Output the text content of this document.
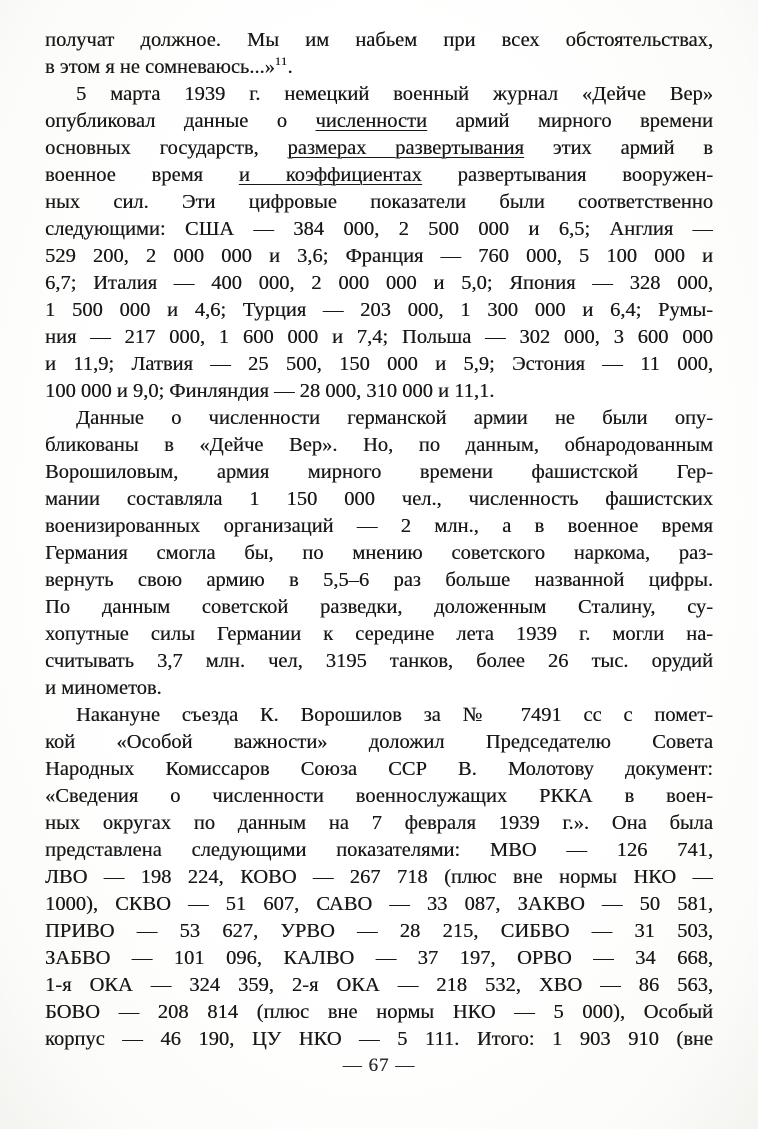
получат должное. Мы им набьем при всех обстоятельствах,
в этом я не сомневаюсь...»$^{11}$.
5 марта 1939 г. немецкий военный журнал «Дейче Вер»
опубликовал данные о численности армий мирного времени
основных государств, размерах развертывания этих армий в
военное время и коэффициентах развертывания вооружен-
ных сил. Эти цифровые показатели были соответственно
следующими: США — 384 000, 2 500 000 и 6,5; Англия —
529 200, 2 000 000 и 3,6; Франция — 760 000, 5 100 000 и
6,7; Италия — 400 000, 2 000 000 и 5,0; Япония — 328 000,
1 500 000 и 4,6; Турция — 203 000, 1 300 000 и 6,4; Румы-
ния — 217 000, 1 600 000 и 7,4; Польша — 302 000, 3 600 000
и 11,9; Латвия — 25 500, 150 000 и 5,9; Эстония — 11 000,
100 000 и 9,0; Финляндия — 28 000, 310 000 и 11,1.
Данные о численности германской армии не были опу-
бликованы в «Дейче Вер». Но, по данным, обнародованным
Ворошиловым, армия мирного времени фашистской Гер-
мании составляла 1 150 000 чел., численность фашистских
военизированных организаций — 2 млн., а в военное время
Германия смогла бы, по мнению советского наркома, раз-
вернуть свою армию в 5,5–6 раз больше названной цифры.
По данным советской разведки, доложенным Сталину, су-
хопутные силы Германии к середине лета 1939 г. могли на-
считывать 3,7 млн. чел, 3195 танков, более 26 тыс. орудий
и минометов.
Накануне съезда К. Ворошилов за № 7491 сс с помет-
кой «Особой важности» доложил Председателю Совета
Народных Комиссаров Союза ССР В. Молотову документ:
«Сведения о численности военнослужащих РККА в воен-
ных округах по данным на 7 февраля 1939 г.». Она была
представлена следующими показателями: МВО — 126 741,
ЛВО — 198 224, КОВО — 267 718 (плюс вне нормы НКО —
1000), СКВО — 51 607, САВО — 33 087, ЗАКВО — 50 581,
ПРИВО — 53 627, УРВО — 28 215, СИБВО — 31 503,
ЗАБВО — 101 096, КАЛВО — 37 197, ОРВО — 34 668,
1-я ОКА — 324 359, 2-я ОКА — 218 532, ХВО — 86 563,
БОВО — 208 814 (плюс вне нормы НКО — 5 000), Особый
корпус — 46 190, ЦУ НКО — 5 111. Итого: 1 903 910 (вне
— 67 —
